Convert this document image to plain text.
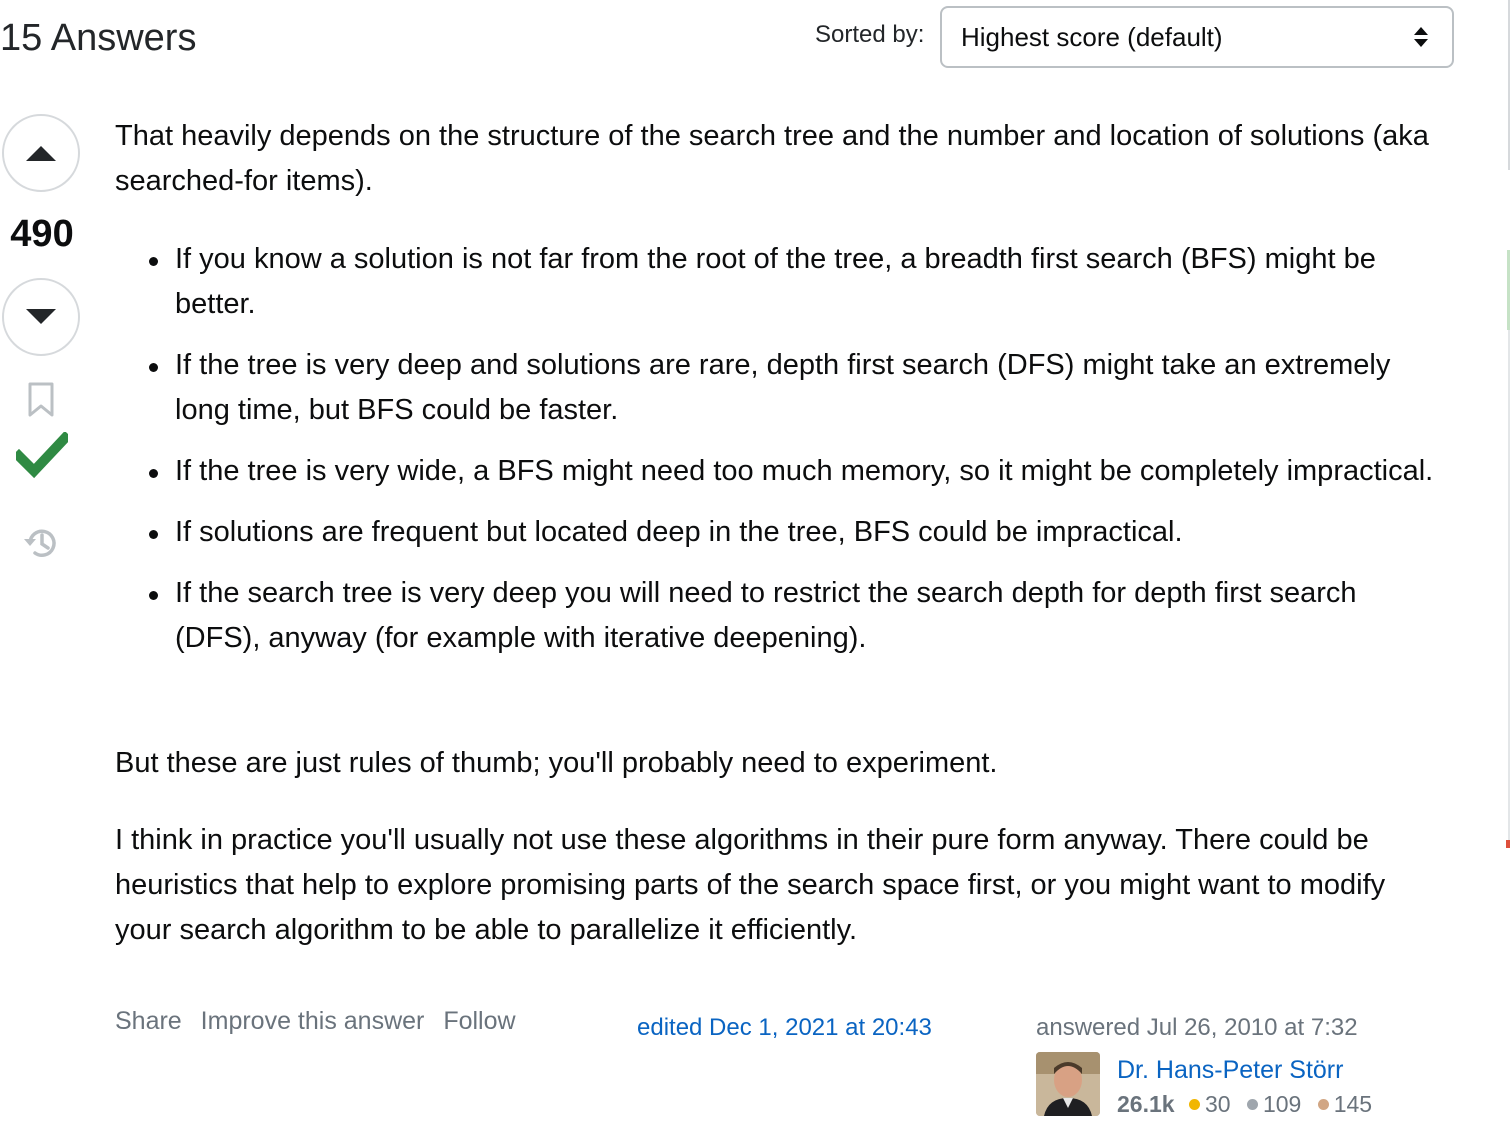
15 Answers	Sorted by: Highest score (default)
490

That heavily depends on the structure of the search tree and the number and location of solutions (aka searched-for items).

If you know a solution is not far from the root of the tree, a breadth first search (BFS) might be better.
If the tree is very deep and solutions are rare, depth first search (DFS) might take an extremely long time, but BFS could be faster.
If the tree is very wide, a BFS might need too much memory, so it might be completely impractical.
If solutions are frequent but located deep in the tree, BFS could be impractical.
If the search tree is very deep you will need to restrict the search depth for depth first search (DFS), anyway (for example with iterative deepening).

But these are just rules of thumb; you'll probably need to experiment.

I think in practice you'll usually not use these algorithms in their pure form anyway. There could be heuristics that help to explore promising parts of the search space first, or you might want to modify your search algorithm to be able to parallelize it efficiently.

Share Improve this answer Follow	edited Dec 1, 2021 at 20:43	answered Jul 26, 2010 at 7:32
Dr. Hans-Peter Störr
26.1k 30 109 145
